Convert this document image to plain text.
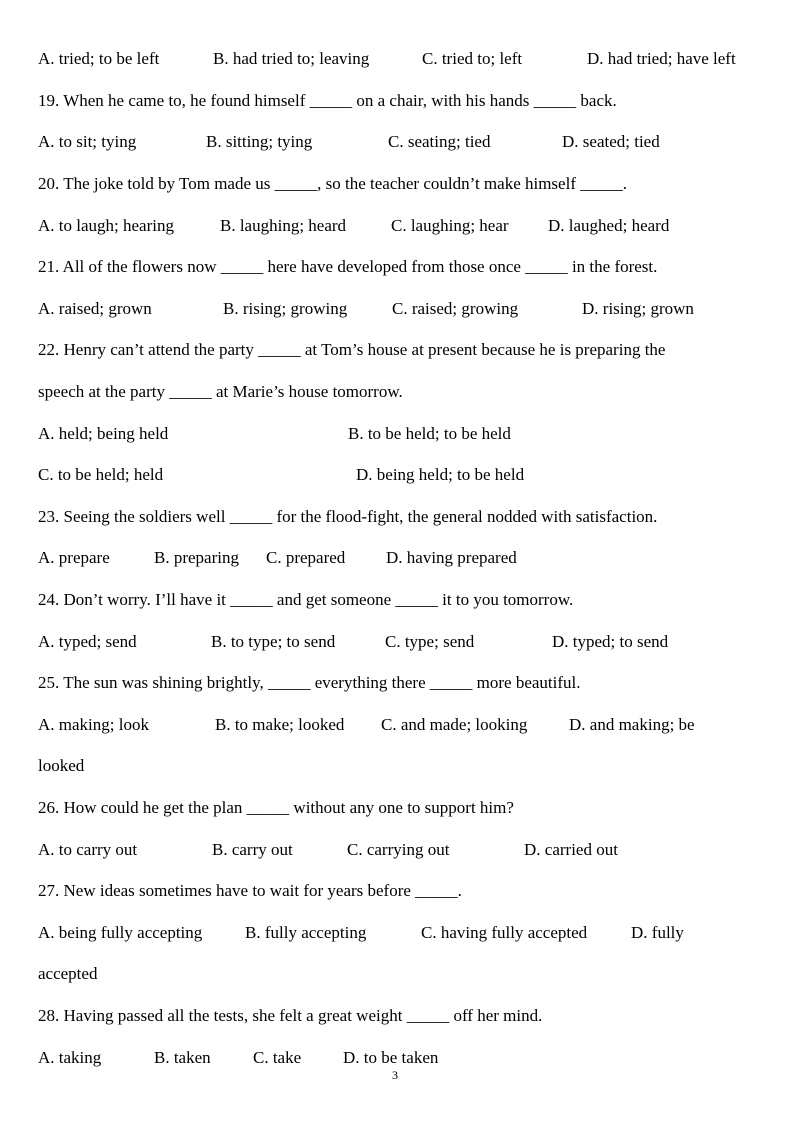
A. tried; to be left	B. had tried to; leaving	C. tried to; left	D. had tried; have left
19. When he came to, he found himself _____ on a chair, with his hands _____ back.
A. to sit; tying	B. sitting; tying	C. seating; tied	D. seated; tied
20. The joke told by Tom made us _____, so the teacher couldn’t make himself _____.
A. to laugh; hearing	B. laughing; heard	C. laughing; hear D. laughed; heard
21. All of the flowers now _____ here have developed from those once _____ in the forest.
A. raised; grown	B. rising; growing	C. raised; growing	D. rising; grown
22. Henry can’t attend the party _____ at Tom’s house at present because he is preparing the
speech at the party _____ at Marie’s house tomorrow.
A. held; being held	B. to be held; to be held
C. to be held; held	D. being held; to be held
23. Seeing the soldiers well _____ for the flood-fight, the general nodded with satisfaction.
A. prepare	B. preparing C. prepared D. having prepared
24. Don’t worry. I’ll have it _____ and get someone _____ it to you tomorrow.
A. typed; send	B. to type; to send	C. type; send	D. typed; to send
25. The sun was shining brightly, _____ everything there _____ more beautiful.
A. making; look	B. to make; looked C. and made; looking D. and making; be
looked
26. How could he get the plan _____ without any one to support him?
A. to carry out	B. carry out	C. carrying out	D. carried out
27. New ideas sometimes have to wait for years before _____.
A. being fully accepting	B. fully accepting	C. having fully accepted	D. fully
accepted
28. Having passed all the tests, she felt a great weight _____ off her mind.
A. taking	B. taken C. take D. to be taken
3
